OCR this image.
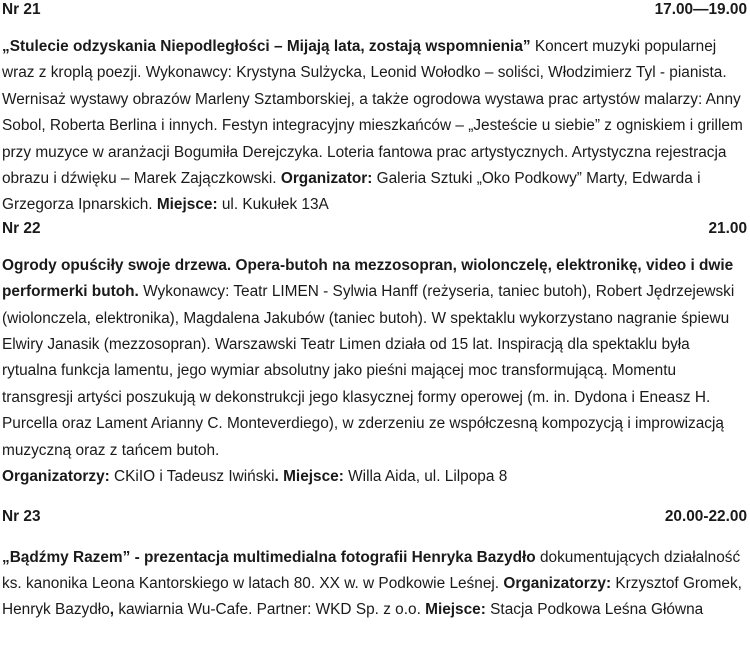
Nr 21	17.00—19.00

„Stulecie odzyskania Niepodległości – Mijają lata, zostają wspomnienia” Koncert muzyki popularnej wraz z kroplą poezji. Wykonawcy: Krystyna Sulżycka, Leonid Wołodko – soliści, Włodzimierz Tyl - pianista. Wernisaż wystawy obrazów Marleny Sztamborskiej, a także ogrodowa wystawa prac artystów malarzy: Anny Sobol, Roberta Berlina i innych. Festyn integracyjny mieszkańców – „Jesteście u siebie” z ogniskiem i grillem przy muzyce w aranżacji Bogumiła Derejczyka. Loteria fantowa prac artystycznych. Artystyczna rejestracja obrazu i dźwięku – Marek Zajączkowski. Organizator: Galeria Sztuki „Oko Podkowy” Marty, Edwarda i Grzegorza Ipnarskich. Miejsce: ul. Kukułek 13A

Nr 22	21.00

Ogrody opuściły swoje drzewa. Opera-butoh na mezzosopran, wiolonczelę, elektronikę, video i dwie performerki butoh. Wykonawcy: Teatr LIMEN - Sylwia Hanff (reżyseria, taniec butoh), Robert Jędrzejewski (wiolonczela, elektronika), Magdalena Jakubów (taniec butoh). W spektaklu wykorzystano nagranie śpiewu Elwiry Janasik (mezzosopran). Warszawski Teatr Limen działa od 15 lat. Inspiracją dla spektaklu była rytualna funkcja lamentu, jego wymiar absolutny jako pieśni mającej moc transformującą. Momentu transgresji artyści poszukują w dekonstrukcji jego klasycznej formy operowej (m. in. Dydona i Eneasz H. Purcella oraz Lament Arianny C. Monteverdiego), w zderzeniu ze współczesną kompozycją i improwizacją muzyczną oraz z tańcem butoh.
Organizatorzy: CKiIO i Tadeusz Iwiński. Miejsce: Willa Aida, ul. Lilpopa 8

Nr 23	20.00-22.00

„Bądźmy Razem” - prezentacja multimedialna fotografii Henryka Bazydło dokumentujących działalność ks. kanonika Leona Kantorskiego w latach 80. XX w. w Podkowie Leśnej. Organizatorzy: Krzysztof Gromek, Henryk Bazydło, kawiarnia Wu-Cafe. Partner: WKD Sp. z o.o. Miejsce: Stacja Podkowa Leśna Główna
